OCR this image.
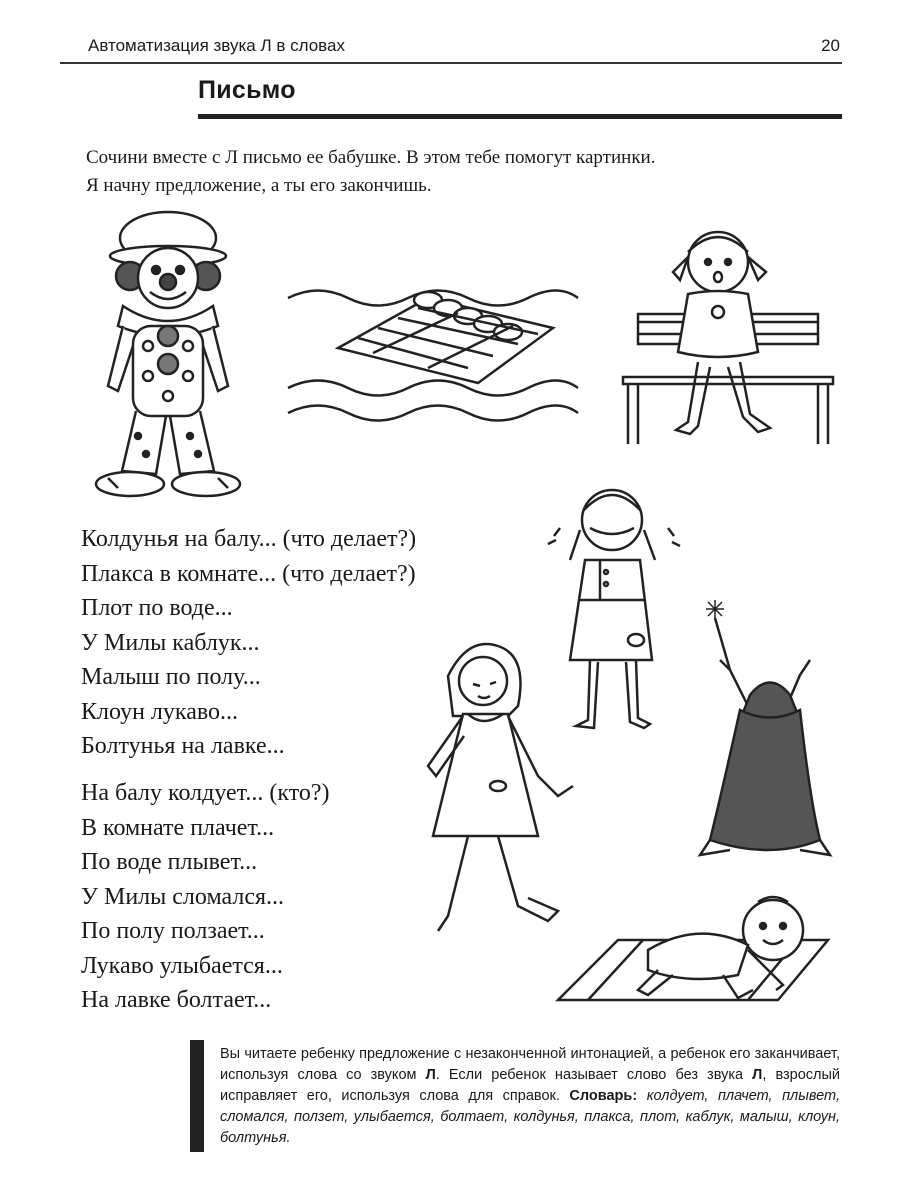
Автоматизация звука Л в словах	20
Письмо
Сочини вместе с Л письмо ее бабушке. В этом тебе помогут картинки.
Я начну предложение, а ты его закончишь.
Колдунья на балу... (что делает?)
Плакса в комнате... (что делает?)
Плот по воде...
У Милы каблук...
Малыш по полу...
Клоун лукаво...
Болтунья на лавке...
На балу колдует... (кто?)
В комнате плачет...
По воде плывет...
У Милы сломался...
По полу ползает...
Лукаво улыбается...
На лавке болтает...
Вы читаете ребенку предложение с незаконченной интонацией, а ребенок его заканчивает, используя слова со звуком Л. Если ребенок называет слово без звука Л, взрослый исправляет его, используя слова для справок. Словарь: колдует, плачет, плывет, сломался, ползет, улыбается, болтает, колдунья, плакса, плот, каблук, малыш, клоун, болтунья.
